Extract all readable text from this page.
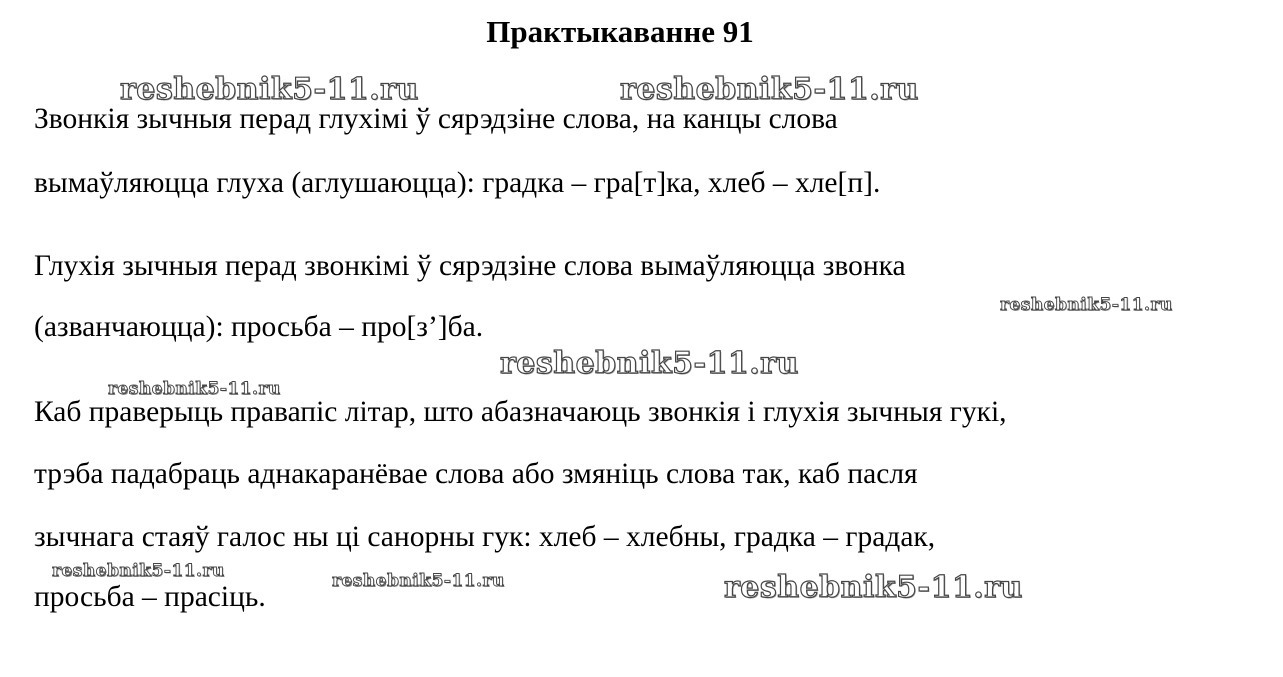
Практыкаванне 91
Звонкія зычныя перад глухімі ў сярэдзіне слова, на канцы слова
вымаўляюцца глуха (аглушаюцца): градка – гра[т]ка, хлеб – хле[п].
Глухія зычныя перад звонкімі ў сярэдзіне слова вымаўляюцца звонка
(азванчаюцца): просьба – про[з’]ба.
Каб праверыць правапіс літар, што абазначаюць звонкія і глухія зычныя гукі,
трэба падабраць аднакаранёвае слова або змяніць слова так, каб пасля
зычнага стаяў галос ны ці санорны гук: хлеб – хлебны, градка – градак,
просьба – прасіць.
reshebnik5-11.ru	reshebnik5-11.ru
reshebnik5-11.ru
reshebnik5-11.ru
reshebnik5-11.ru
reshebnik5-11.ru	reshebnik5-11.ru	reshebnik5-11.ru
